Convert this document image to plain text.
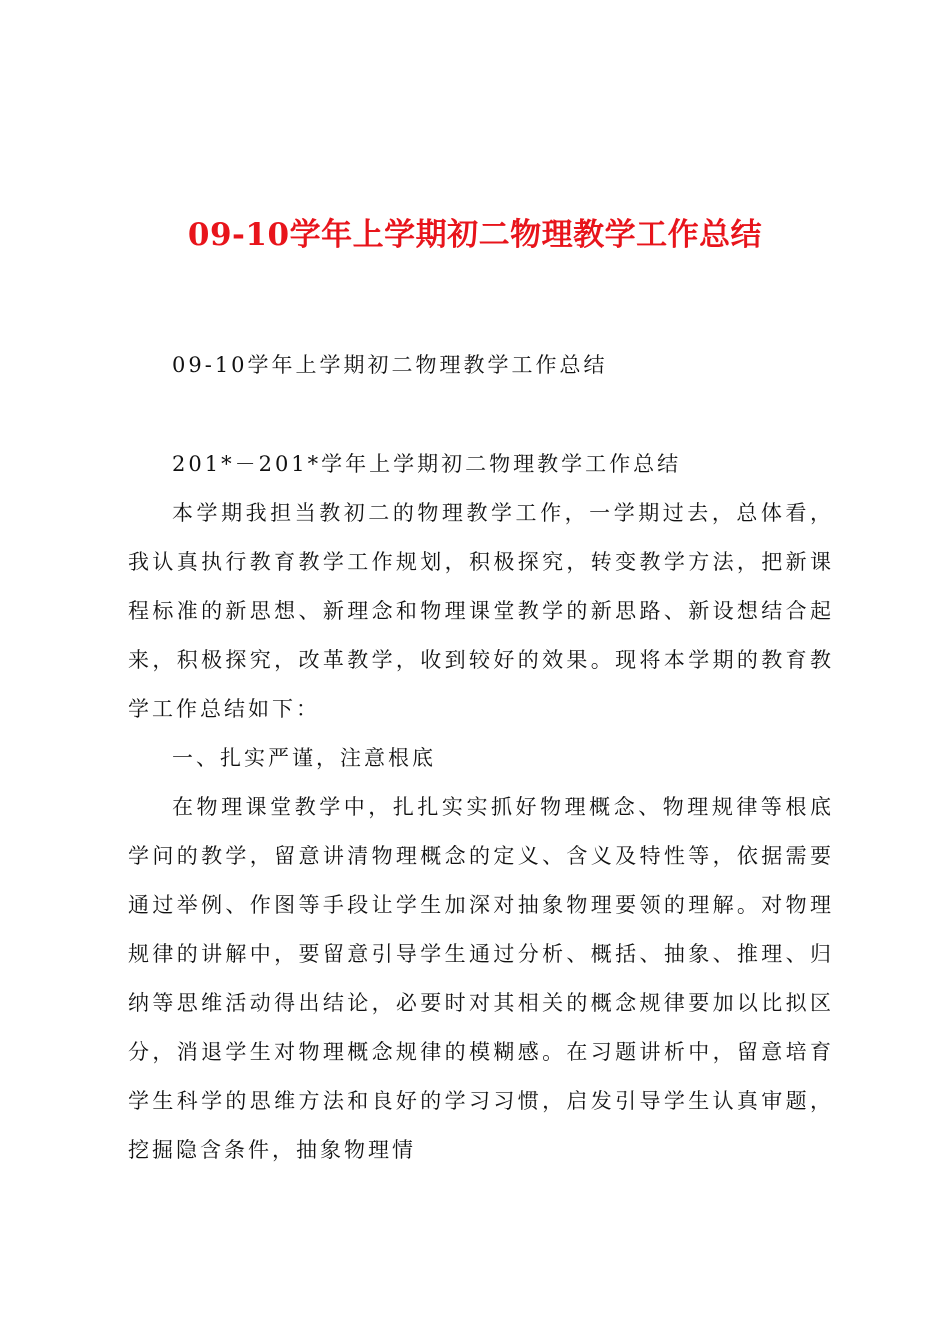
09-10学年上学期初二物理教学工作总结
09-10学年上学期初二物理教学工作总结

201*－201*学年上学期初二物理教学工作总结

本学期我担当教初二的物理教学工作，一学期过去，总体看，我认真执行教育教学工作规划，积极探究，转变教学方法，把新课程标准的新思想、新理念和物理课堂教学的新思路、新设想结合起来，积极探究，改革教学，收到较好的效果。现将本学期的教育教学工作总结如下：

一、扎实严谨，注意根底

在物理课堂教学中，扎扎实实抓好物理概念、物理规律等根底学问的教学，留意讲清物理概念的定义、含义及特性等，依据需要通过举例、作图等手段让学生加深对抽象物理要领的理解。对物理规律的讲解中，要留意引导学生通过分析、概括、抽象、推理、归纳等思维活动得出结论，必要时对其相关的概念规律要加以比拟区分，消退学生对物理概念规律的模糊感。在习题讲析中，留意培育学生科学的思维方法和良好的学习习惯，启发引导学生认真审题，挖掘隐含条件，抽象物理情
